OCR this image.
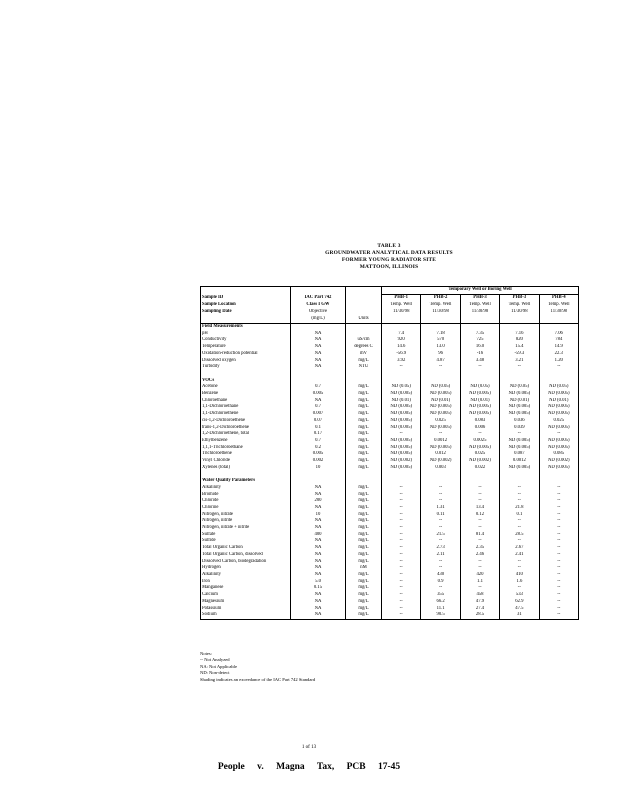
TABLE 3
GROUNDWATER ANALYTICAL DATA RESULTS
FORMER YOUNG RADIATOR SITE
MATTOON, ILLINOIS
			Temporary Well or Boring Well				
Sample ID	IAC Part 742		PHB-1	PHB-2	PHB-3	PHB-3	PHB-4
Sample Location	Class I GW		Temp. Well	Temp. Well	Temp. Well	Temp. Well	Temp. Well
Sampling Date	Objective		11/30/98	11/30/98	11/30/98	11/30/98	11/30/98
	(mg/L)	Units					
Field Measurements							
pH	NA		7.4	7.18	7.35	7.16	7.06
Conductivity	NA	uS/cm	920	570	725	820	784
Temperature	NA	degrees C	14.6	13.0	16.0	15.4	14.9
Oxidation-reduction potential	NA	mV	-56.9	96	-16	-59.3	22.3
Dissolved oxygen	NA	mg/L	3.92	4.87	3.48	3.21	1.20
Turbidity	NA	NTU	--	--	--	--	--

VOCs							
Acetone	0.7	mg/L	ND (0.05)	ND (0.05)	ND (0.05)	ND (0.05)	ND (0.05)
Benzene	0.005	mg/L	ND (0.005)	ND (0.005)	ND (0.005)	ND (0.005)	ND (0.005)
Chloroethane	NA	mg/L	ND (0.01)	ND (0.01)	ND (0.01)	ND (0.01)	ND (0.01)
1,1-Dichloroethane	0.7	mg/L	ND (0.005)	ND (0.005)	ND (0.005)	ND (0.005)	ND (0.005)
1,1-Dichloroethene	0.007	mg/L	ND (0.005)	ND (0.005)	ND (0.005)	ND (0.005)	ND (0.005)
cis-1,2-Dichloroethene	0.07	mg/L	ND (0.005)	0.025	0.083	0.036	0.025
trans-1,2-Dichloroethene	0.1	mg/L	ND (0.005)	ND (0.005)	0.006	0.039	ND (0.005)
1,2-Dichloroethene, total	0.17	mg/L	--	--	--	--	--
Ethylbenzene	0.7	mg/L	ND (0.005)	0.0012	0.0025	ND (0.005)	ND (0.005)
1,1,1-Trichloroethane	0.2	mg/L	ND (0.005)	ND (0.005)	ND (0.005)	ND (0.005)	ND (0.005)
Trichloroethene	0.005	mg/L	ND (0.005)	0.012	0.025	0.087	0.085
Vinyl Chloride	0.002	mg/L	ND (0.002)	ND (0.002)	ND (0.002)	0.0012	ND (0.002)
Xylenes (total)	10	mg/L	ND (0.005)	0.003	0.022	ND (0.005)	ND (0.005)

Water Quality Parameters							
Alkalinity	NA	mg/L	--	--	--	--	--
Bromide	NA	mg/L	--	--	--	--	--
Chloride	200	mg/L	--	--	--	--	--
Chlorine	NA	mg/L	--	1.31	13.4	21.8	--
Nitrogen, nitrate	10	mg/L	--	0.11	0.12	0.1	--
Nitrogen, nitrite	NA	mg/L	--	--	--	--	--
Nitrogen, nitrate + nitrite	NA	mg/L	--	--	--	--	--
Sulfate	400	mg/L	--	21.5	81.4	28.5	--
Sulfide	NA	mg/L	--	--	--	--	--
Total Organic Carbon	NA	mg/L	--	2.73	2.35	2.67	--
Total Organic Carbon, dissolved	NA	mg/L	--	2.11	2.46	2.41	--
Dissolved Carbon, biodegradation	NA	mg/L	--	--	--	--	--
Hydrogen	NA	nM	--	--	--	--	--
Alkalinity	NA	mg/L	--	430	420	410	--
Iron	5.0	mg/L	--	0.9	1.1	1.6	--
Manganese	0.15	mg/L	--	--	--	--	--
Calcium	NA	mg/L	--	355	458	533	--
Magnesium	NA	mg/L	--	66.2	47.9	62.9	--
Potassium	NA	mg/L	--	11.1	27.4	47.5	--
Sodium	NA	mg/L	--	90.5	28.5	31	--
Notes:
-- Not Analyzed
NA: Not Applicable
ND: Non-detect
Shading indicates an exceedance of the IAC Part 742 Standard
1 of 13
People v. Magna Tax, PCB 17-45
